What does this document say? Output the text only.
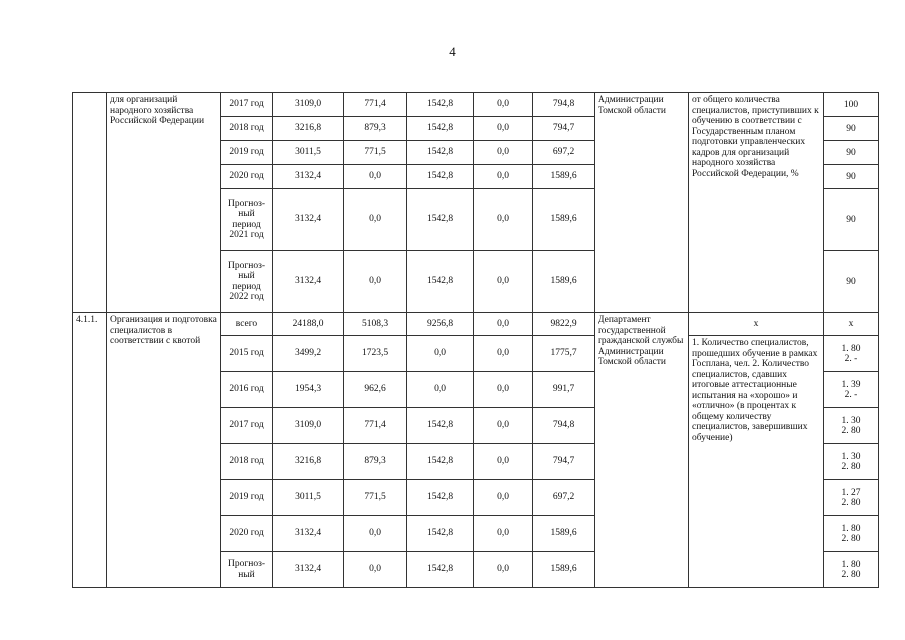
4
	для организаций народного хозяйства Российской Федерации	2017 год	3109,0	771,4	1542,8	0,0	794,8	Администрации Томской области	от общего количества специалистов, приступивших к обучению в соответствии с Государственным планом подготовки управленческих кадров для организаций народного хозяйства Российской Федерации, %	100
		2018 год	3216,8	879,3	1542,8	0,0	794,7			90
		2019 год	3011,5	771,5	1542,8	0,0	697,2			90
		2020 год	3132,4	0,0	1542,8	0,0	1589,6			90
		Прогноз-ный период 2021 год	3132,4	0,0	1542,8	0,0	1589,6			90
		Прогноз-ный период 2022 год	3132,4	0,0	1542,8	0,0	1589,6			90
4.1.1.	Организация и подготовка специалистов в соответствии с квотой	всего	24188,0	5108,3	9256,8	0,0	9822,9	Департамент государственной гражданской службы Администрации Томской области	х	х
		2015 год	3499,2	1723,5	0,0	0,0	1775,7		1. Количество специалистов, прошедших обучение в рамках Госплана, чел. 2. Количество специалистов, сдавших итоговые аттестационные испытания на «хорошо» и «отлично» (в процентах к общему количеству специалистов, завершивших обучение)	1. 80
2. -

		2016 год	1954,3	962,6	0,0	0,0	991,7			1. 39
2. -

		2017 год	3109,0	771,4	1542,8	0,0	794,8			1. 30
2. 80

		2018 год	3216,8	879,3	1542,8	0,0	794,7			1. 30
2. 80

		2019 год	3011,5	771,5	1542,8	0,0	697,2			1. 27
2. 80

		2020 год	3132,4	0,0	1542,8	0,0	1589,6			1. 80
2. 80

		Прогноз-ный	3132,4	0,0	1542,8	0,0	1589,6			1. 80
2. 80
